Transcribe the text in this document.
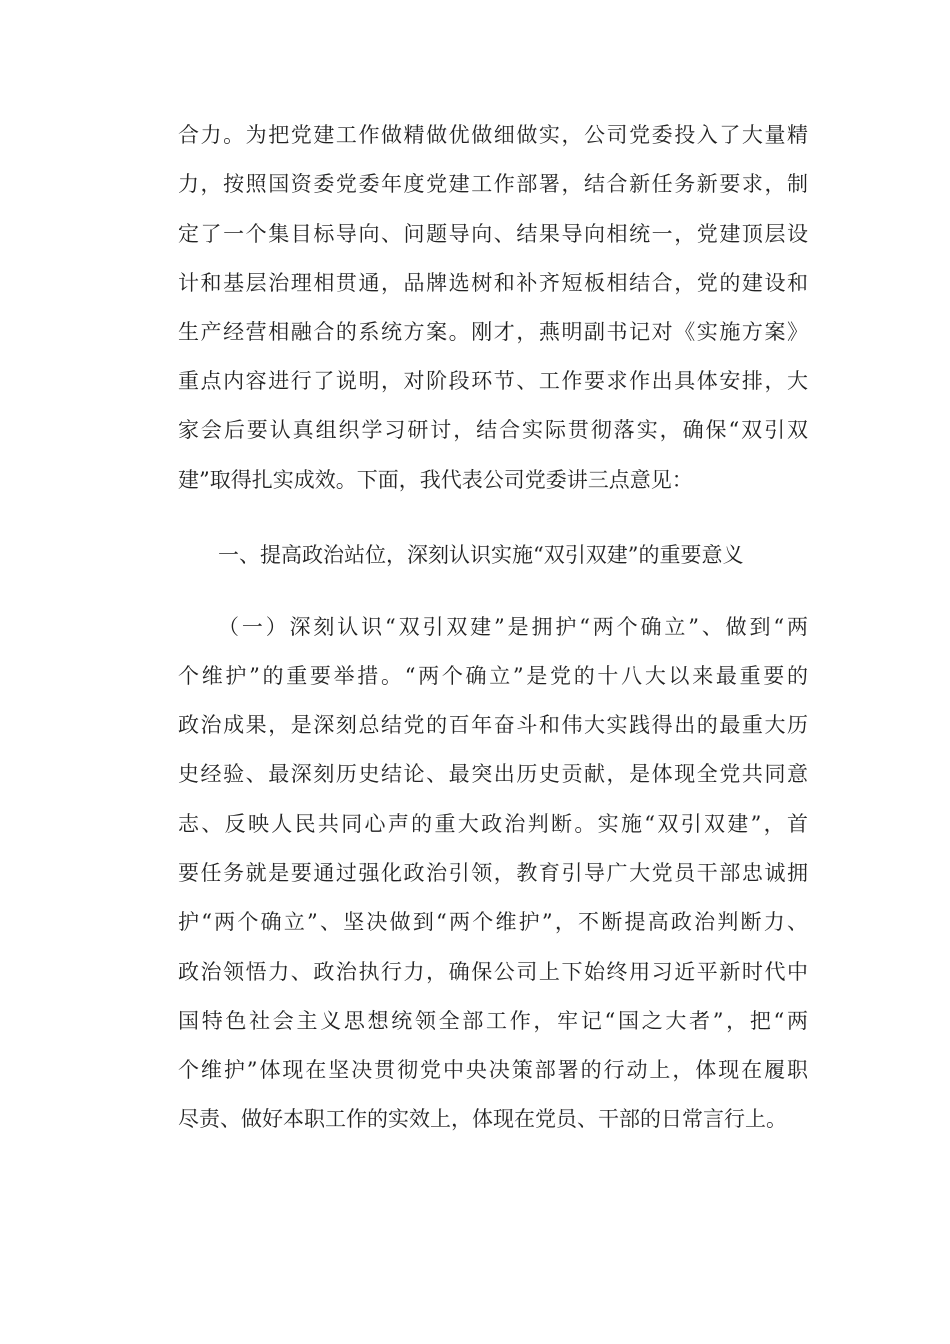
合力。为把党建工作做精做优做细做实，公司党委投入了大量精
力，按照国资委党委年度党建工作部署，结合新任务新要求，制
定了一个集目标导向、问题导向、结果导向相统一，党建顶层设
计和基层治理相贯通，品牌选树和补齐短板相结合，党的建设和
生产经营相融合的系统方案。刚才，燕明副书记对《实施方案》
重点内容进行了说明，对阶段环节、工作要求作出具体安排，大
家会后要认真组织学习研讨，结合实际贯彻落实，确保“双引双
建”取得扎实成效。下面，我代表公司党委讲三点意见：
一、提高政治站位，深刻认识实施“双引双建”的重要意义
（一）深刻认识“双引双建”是拥护“两个确立”、做到“两
个维护”的重要举措。“两个确立”是党的十八大以来最重要的
政治成果，是深刻总结党的百年奋斗和伟大实践得出的最重大历
史经验、最深刻历史结论、最突出历史贡献，是体现全党共同意
志、反映人民共同心声的重大政治判断。实施“双引双建”，首
要任务就是要通过强化政治引领，教育引导广大党员干部忠诚拥
护“两个确立”、坚决做到“两个维护”，不断提高政治判断力、
政治领悟力、政治执行力，确保公司上下始终用习近平新时代中
国特色社会主义思想统领全部工作，牢记“国之大者”，把“两
个维护”体现在坚决贯彻党中央决策部署的行动上，体现在履职
尽责、做好本职工作的实效上，体现在党员、干部的日常言行上。
